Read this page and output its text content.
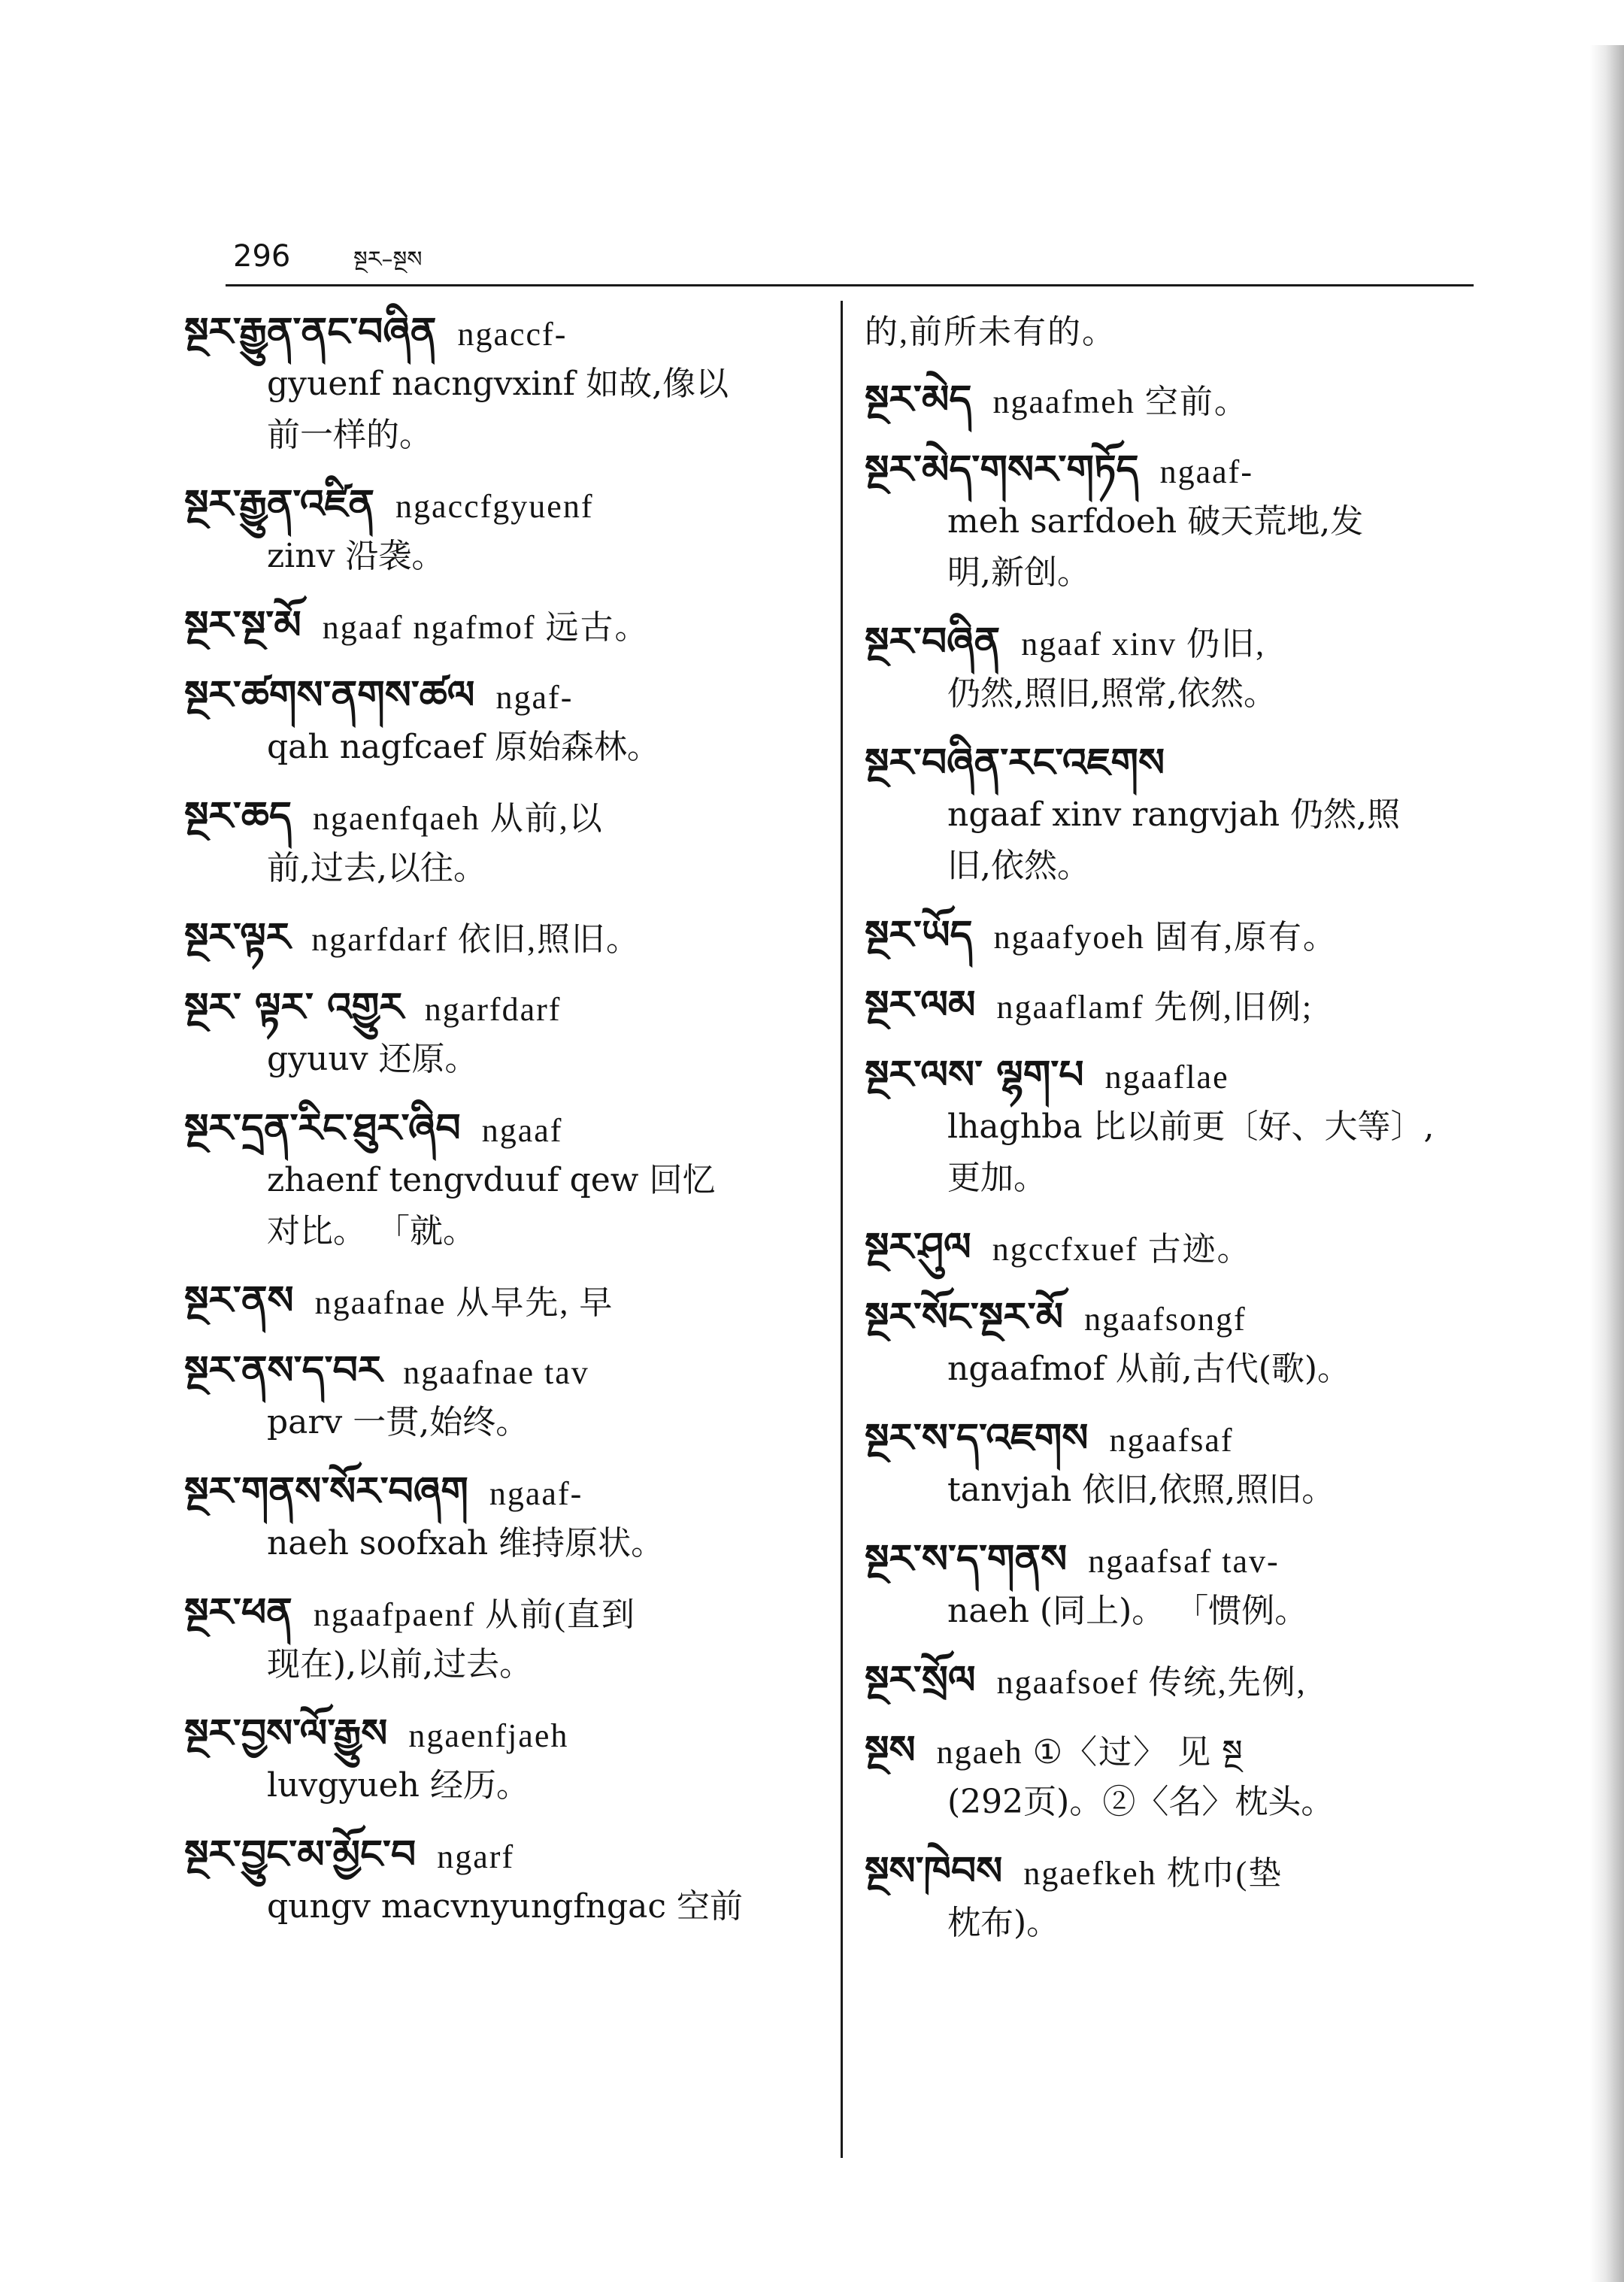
296	སྔར–སྔས
སྔར་རྒྱུན་ནང་བཞིན ngaccf-
gyuenf nacngvxinf 如故,像以
前一样的。
སྔར་རྒྱུན་འཛིན ngaccfgyuenf
zinv 沿袭。
སྔར་སྔ་མོ ngaaf ngafmof 远古。
སྔར་ཚགས་ནགས་ཚལ ngaf-
qah nagfcaef 原始森林。
སྔར་ཆད ngaenfqaeh 从前,以
前,过去,以往。
སྔར་ལྟར ngarfdarf 依旧,照旧。
སྔར་ ལྟར་ འགྱུར ngarfdarf
gyuuv 还原。
སྔར་དྲན་རིང་ཐུར་ཞིབ ngaaf
zhaenf tengvduuf qew 回忆
对比。 「就。
སྔར་ནས ngaafnae 从早先, 早
སྔར་ནས་ད་བར ngaafnae tav
parv 一贯,始终。
སྔར་གནས་སོར་བཞག ngaaf-
naeh soofxah 维持原状。
སྔར་ཕན ngaafpaenf 从前(直到
现在),以前,过去。
སྔར་བྱས་ལོ་རྒྱུས ngaenfjaeh
luvgyueh 经历。
སྔར་བྱུང་མ་མྱོང་བ ngarf
qungv macvnyungfngac 空前
的,前所未有的。
སྔར་མེད ngaafmeh 空前。
སྔར་མེད་གསར་གཏོད ngaaf-
meh sarfdoeh 破天荒地,发
明,新创。
སྔར་བཞིན ngaaf xinv 仍旧,
仍然,照旧,照常,依然。
སྔར་བཞིན་རང་འཇགས
ngaaf xinv rangvjah 仍然,照
旧,依然。
སྔར་ཡོད ngaafyoeh 固有,原有。
སྔར་ལམ ngaaflamf 先例,旧例;
སྔར་ལས་ ལྷག་པ ngaaflae
lhaghba 比以前更〔好、大等〕,
更加。
སྔར་ཤུལ ngccfxuef 古迹。
སྔར་སོང་སྔར་མོ ngaafsongf
ngaafmof 从前,古代(歌)。
སྔར་ས་ད་འཇགས ngaafsaf
tanvjah 依旧,依照,照旧。
སྔར་ས་ད་གནས ngaafsaf tav-
naeh (同上)。 「惯例。
སྔར་སྲོལ ngaafsoef 传统,先例,
སྔས ngaeh ①〈过〉 见 སྔ
(292页)。②〈名〉枕头。
སྔས་ཁེབས ngaefkeh 枕巾(垫
枕布)。
